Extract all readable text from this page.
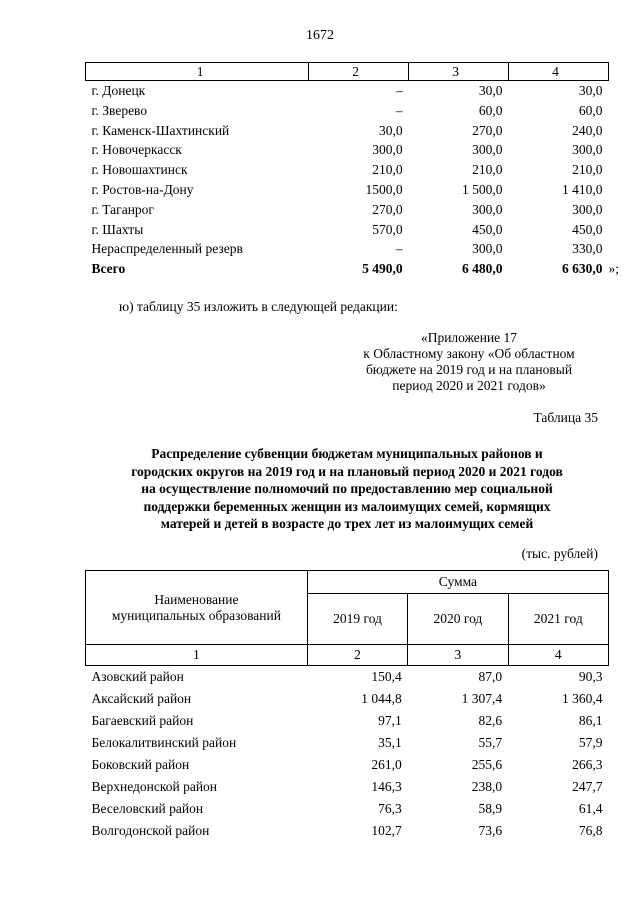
1672
1	2	3	4
г. Донецк	–	30,0	30,0
г. Зверево	–	60,0	60,0
г. Каменск-Шахтинский	30,0	270,0	240,0
г. Новочеркасск	300,0	300,0	300,0
г. Новошахтинск	210,0	210,0	210,0
г. Ростов-на-Дону	1500,0	1 500,0	1 410,0
г. Таганрог	270,0	300,0	300,0
г. Шахты	570,0	450,0	450,0
Нераспределенный резерв	–	300,0	330,0
Всего	5 490,0	6 480,0	6 630,0 »;
ю) таблицу 35 изложить в следующей редакции:
«Приложение 17
к Областному закону «Об областном
бюджете на 2019 год и на плановый
период 2020 и 2021 годов»
Таблица 35
Распределение субвенции бюджетам муниципальных районов и
городских округов на 2019 год и на плановый период 2020 и 2021 годов
на осуществление полномочий по предоставлению мер социальной
поддержки беременных женщин из малоимущих семей, кормящих
матерей и детей в возрасте до трех лет из малоимущих семей
(тыс. рублей)
Наименование
муниципальных образований	Сумма		
	2019 год	2020 год	2021 год
1	2	3	4
Азовский район	150,4	87,0	90,3
Аксайский район	1 044,8	1 307,4	1 360,4
Багаевский район	97,1	82,6	86,1
Белокалитвинский район	35,1	55,7	57,9
Боковский район	261,0	255,6	266,3
Верхнедонской район	146,3	238,0	247,7
Веселовский район	76,3	58,9	61,4
Волгодонской район	102,7	73,6	76,8
